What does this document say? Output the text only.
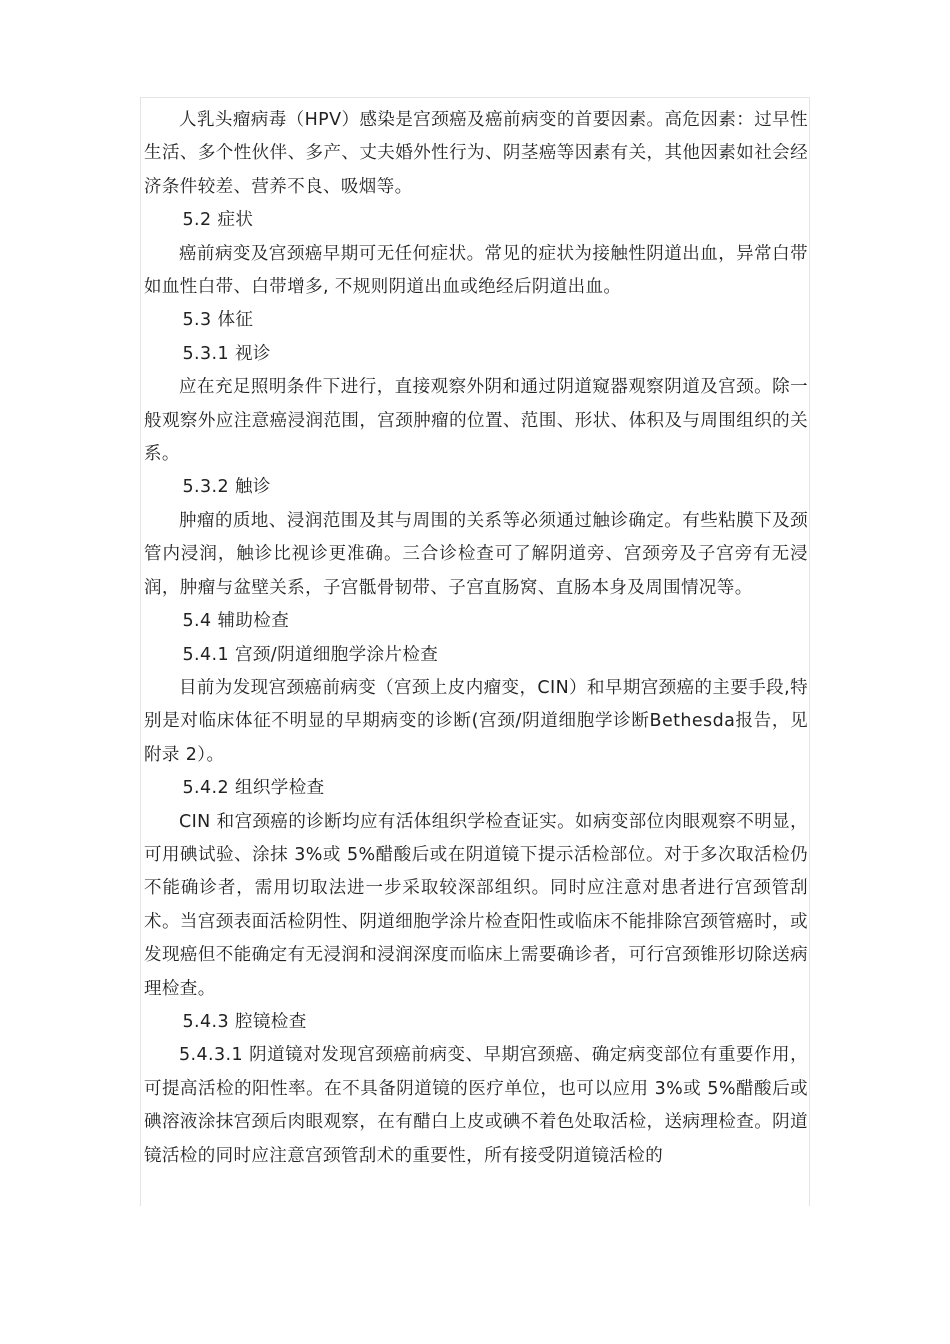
人乳头瘤病毒（HPV）感染是宫颈癌及癌前病变的首要因素。高危因素：过早性生活、多个性伙伴、多产、丈夫婚外性行为、阴茎癌等因素有关，其他因素如社会经济条件较差、营养不良、吸烟等。

5.2 症状

癌前病变及宫颈癌早期可无任何症状。常见的症状为接触性阴道出血，异常白带如血性白带、白带增多, 不规则阴道出血或绝经后阴道出血。

5.3 体征

5.3.1 视诊

应在充足照明条件下进行，直接观察外阴和通过阴道窥器观察阴道及宫颈。除一般观察外应注意癌浸润范围，宫颈肿瘤的位置、范围、形状、体积及与周围组织的关系。

5.3.2 触诊

肿瘤的质地、浸润范围及其与周围的关系等必须通过触诊确定。有些粘膜下及颈管内浸润，触诊比视诊更准确。三合诊检查可了解阴道旁、宫颈旁及子宫旁有无浸润，肿瘤与盆壁关系，子宫骶骨韧带、子宫直肠窝、直肠本身及周围情况等。

5.4 辅助检查

5.4.1 宫颈/阴道细胞学涂片检查

目前为发现宫颈癌前病变（宫颈上皮内瘤变，CIN）和早期宫颈癌的主要手段,特别是对临床体征不明显的早期病变的诊断(宫颈/阴道细胞学诊断Bethesda报告，见附录 2）。

5.4.2 组织学检查

CIN 和宫颈癌的诊断均应有活体组织学检查证实。如病变部位肉眼观察不明显，可用碘试验、涂抹 3%或 5%醋酸后或在阴道镜下提示活检部位。对于多次取活检仍不能确诊者，需用切取法进一步采取较深部组织。同时应注意对患者进行宫颈管刮术。当宫颈表面活检阴性、阴道细胞学涂片检查阳性或临床不能排除宫颈管癌时，或发现癌但不能确定有无浸润和浸润深度而临床上需要确诊者，可行宫颈锥形切除送病理检查。

5.4.3 腔镜检查

5.4.3.1 阴道镜对发现宫颈癌前病变、早期宫颈癌、确定病变部位有重要作用，可提高活检的阳性率。在不具备阴道镜的医疗单位，也可以应用 3%或 5%醋酸后或碘溶液涂抹宫颈后肉眼观察，在有醋白上皮或碘不着色处取活检，送病理检查。阴道镜活检的同时应注意宫颈管刮术的重要性，所有接受阴道镜活检的
